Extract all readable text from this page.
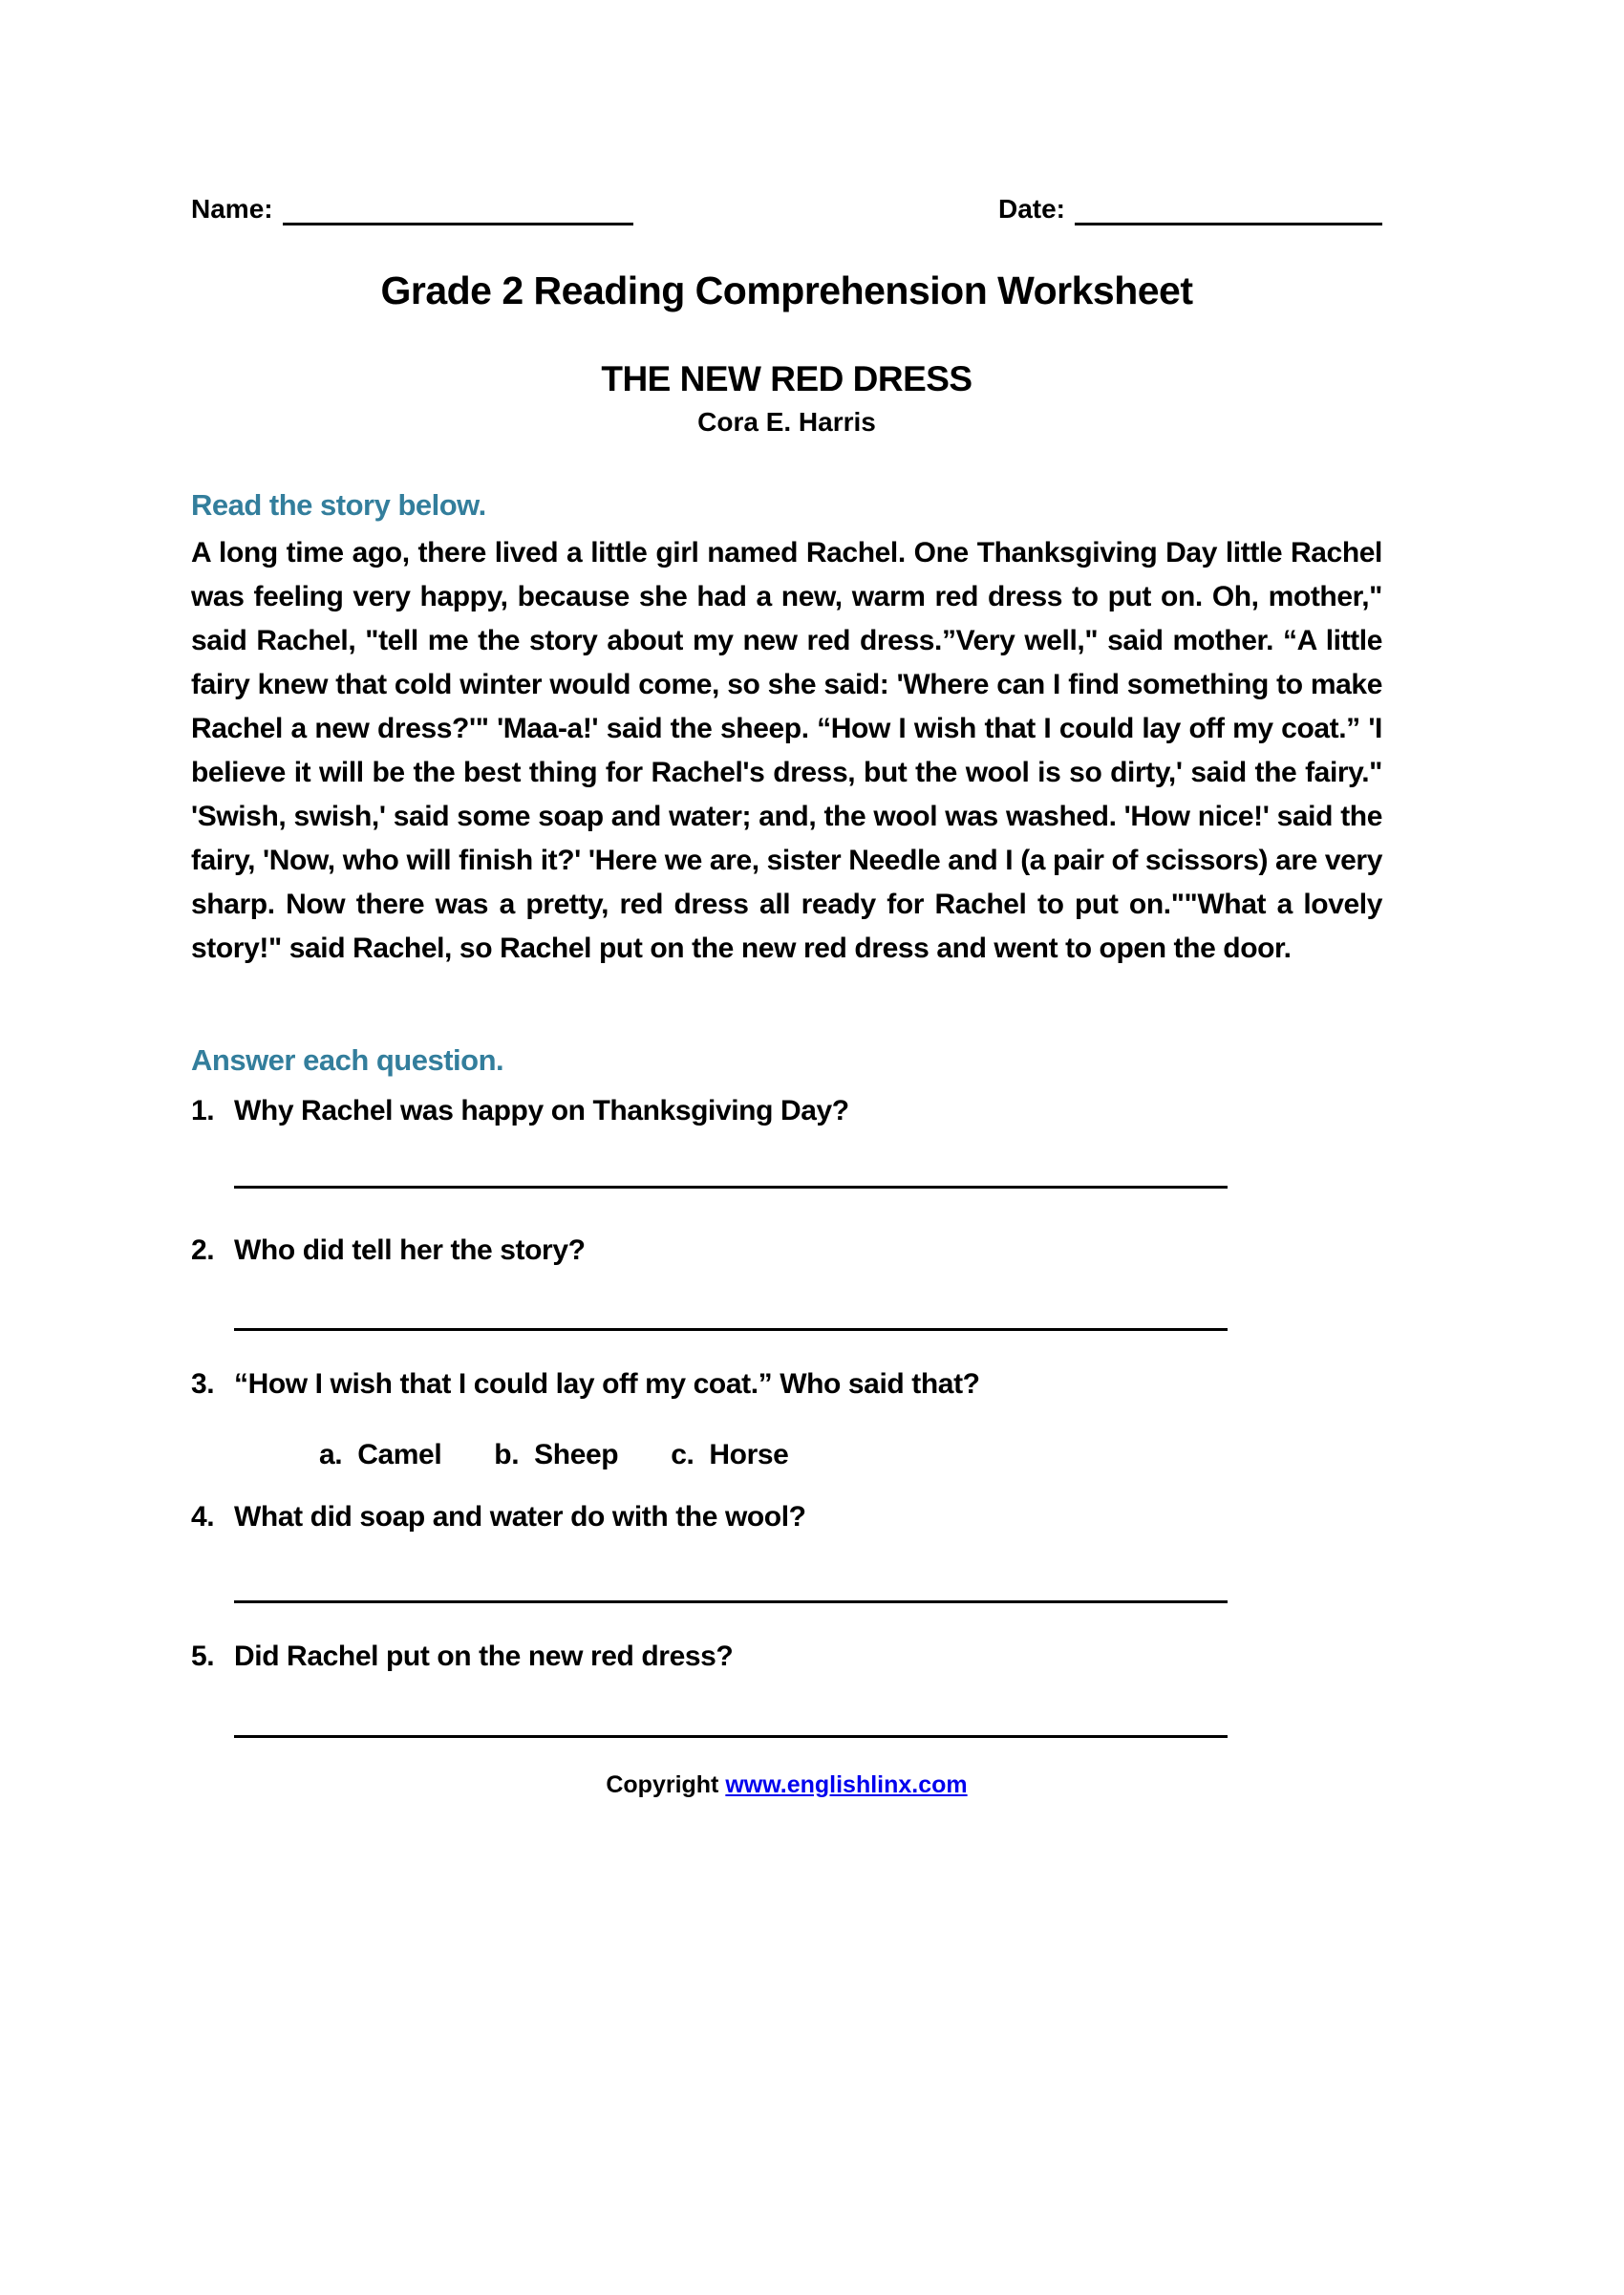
Name:	Date:
Grade 2 Reading Comprehension Worksheet
THE NEW RED DRESS
Cora E. Harris
Read the story below.
A long time ago, there lived a little girl named Rachel. One Thanksgiving Day little Rachel was feeling very happy, because she had a new, warm red dress to put on. Oh, mother," said Rachel, "tell me the story about my new red dress.”Very well," said mother. “A little fairy knew that cold winter would come, so she said: 'Where can I find something to make Rachel a new dress?'" 'Maa-a!' said the sheep. “How I wish that I could lay off my coat.” 'I believe it will be the best thing for Rachel's dress, but the wool is so dirty,' said the fairy." 'Swish, swish,' said some soap and water; and, the wool was washed. 'How nice!' said the fairy, 'Now, who will finish it?' 'Here we are, sister Needle and I (a pair of scissors) are very sharp. Now there was a pretty, red dress all ready for Rachel to put on.""What a lovely story!" said Rachel, so Rachel put on the new red dress and went to open the door.
Answer each question.
1. Why Rachel was happy on Thanksgiving Day?
2. Who did tell her the story?
3. “How I wish that I could lay off my coat.” Who said that?
a. Camel b. Sheep c. Horse
4. What did soap and water do with the wool?
5. Did Rachel put on the new red dress?
Copyright www.englishlinx.com
